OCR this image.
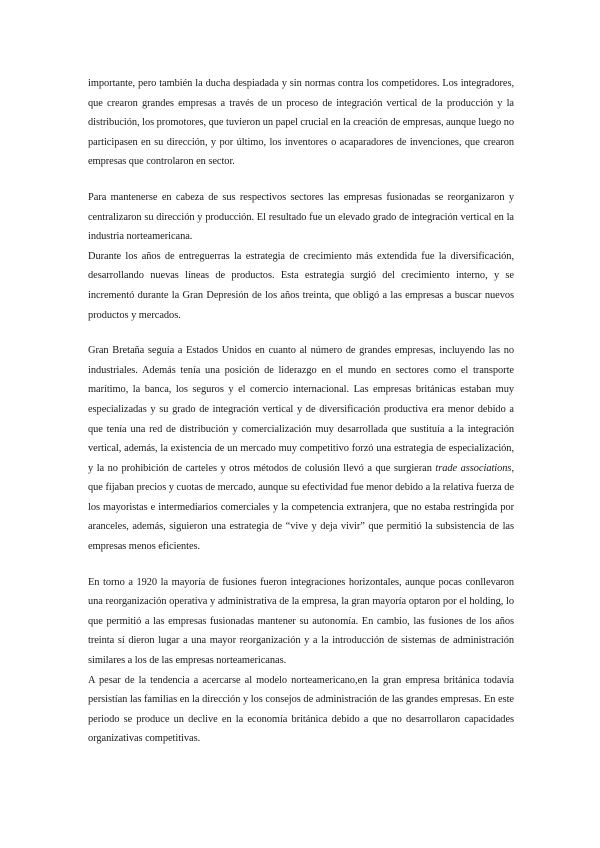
importante, pero también la ducha despiadada y sin normas contra los competidores. Los integradores, que crearon grandes empresas a través de un proceso de integración vertical de la producción y la distribución, los promotores, que tuvieron un papel crucial en la creación de empresas, aunque luego no participasen en su dirección, y por último, los inventores o acaparadores de invenciones, que crearon empresas que controlaron en sector.

Para mantenerse en cabeza de sus respectivos sectores las empresas fusionadas se reorganizaron y centralizaron su dirección y producción. El resultado fue un elevado grado de integración vertical en la industria norteamericana.

Durante los años de entreguerras la estrategia de crecimiento más extendida fue la diversificación, desarrollando nuevas líneas de productos. Esta estrategia surgió del crecimiento interno, y se incrementó durante la Gran Depresión de los años treinta, que obligó a las empresas a buscar nuevos productos y mercados.

Gran Bretaña seguía a Estados Unidos en cuanto al número de grandes empresas, incluyendo las no industriales. Además tenía una posición de liderazgo en el mundo en sectores como el transporte marítimo, la banca, los seguros y el comercio internacional. Las empresas británicas estaban muy especializadas y su grado de integración vertical y de diversificación productiva era menor debido a que tenía una red de distribución y comercialización muy desarrollada que sustituía a la integración vertical, además, la existencia de un mercado muy competitivo forzó una estrategia de especialización, y la no prohibición de carteles y otros métodos de colusión llevó a que surgieran trade associations, que fijaban precios y cuotas de mercado, aunque su efectividad fue menor debido a la relativa fuerza de los mayoristas e intermediarios comerciales y la competencia extranjera, que no estaba restringida por aranceles, además, siguieron una estrategia de “vive y deja vivir” que permitió la subsistencia de las empresas menos eficientes.

En torno a 1920 la mayoría de fusiones fueron integraciones horizontales, aunque pocas conllevaron una reorganización operativa y administrativa de la empresa, la gran mayoría optaron por el holding, lo que permitió a las empresas fusionadas mantener su autonomía. En cambio, las fusiones de los años treinta sí dieron lugar a una mayor reorganización y a la introducción de sistemas de administración similares a los de las empresas norteamericanas.

A pesar de la tendencia a acercarse al modelo norteamericano,en la gran empresa británica todavía persistían las familias en la dirección y los consejos de administración de las grandes empresas. En este periodo se produce un declive en la economía británica debido a que no desarrollaron capacidades organizativas competitivas.
